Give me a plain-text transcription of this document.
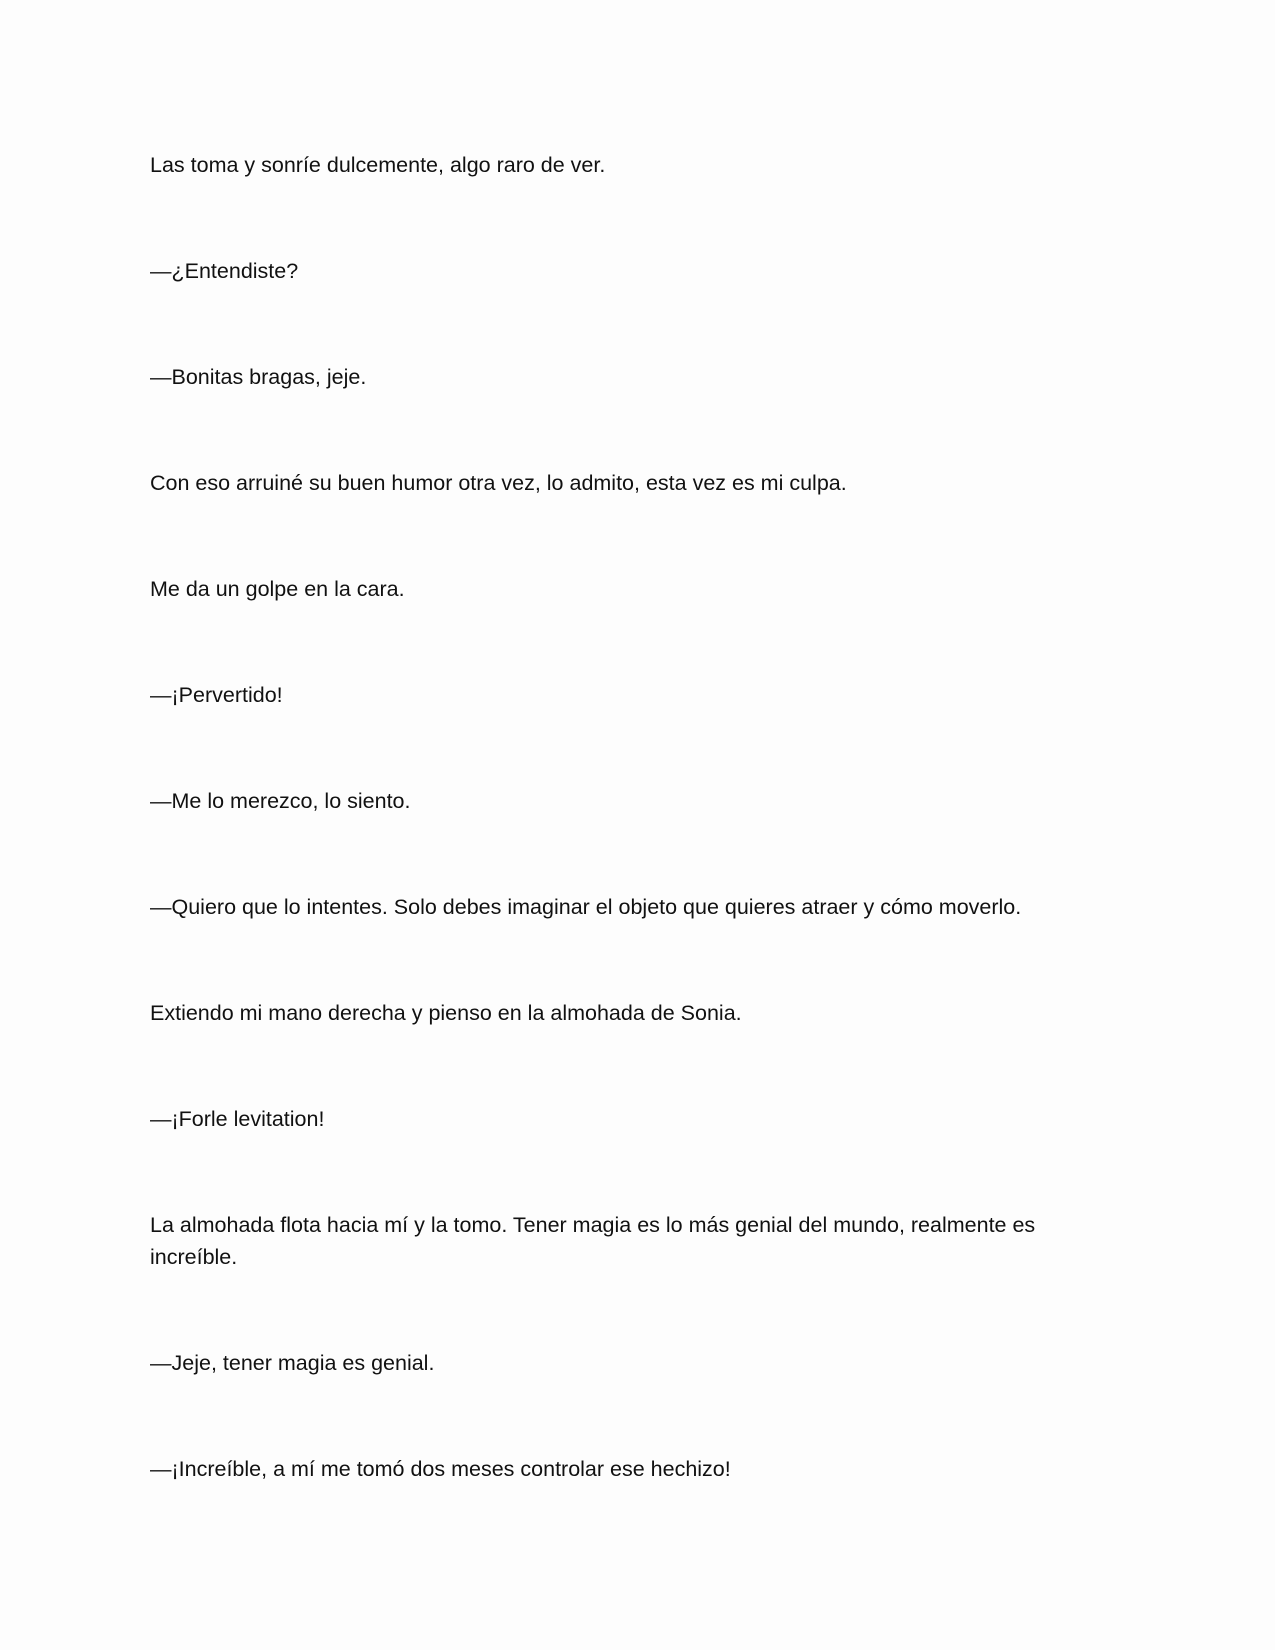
Las toma y sonríe dulcemente, algo raro de ver.

—¿Entendiste?

—Bonitas bragas, jeje.

Con eso arruiné su buen humor otra vez, lo admito, esta vez es mi culpa.

Me da un golpe en la cara.

—¡Pervertido!

—Me lo merezco, lo siento.

—Quiero que lo intentes. Solo debes imaginar el objeto que quieres atraer y cómo moverlo.

Extiendo mi mano derecha y pienso en la almohada de Sonia.

—¡Forle levitation!

La almohada flota hacia mí y la tomo. Tener magia es lo más genial del mundo, realmente es increíble.

—Jeje, tener magia es genial.

—¡Increíble, a mí me tomó dos meses controlar ese hechizo!
